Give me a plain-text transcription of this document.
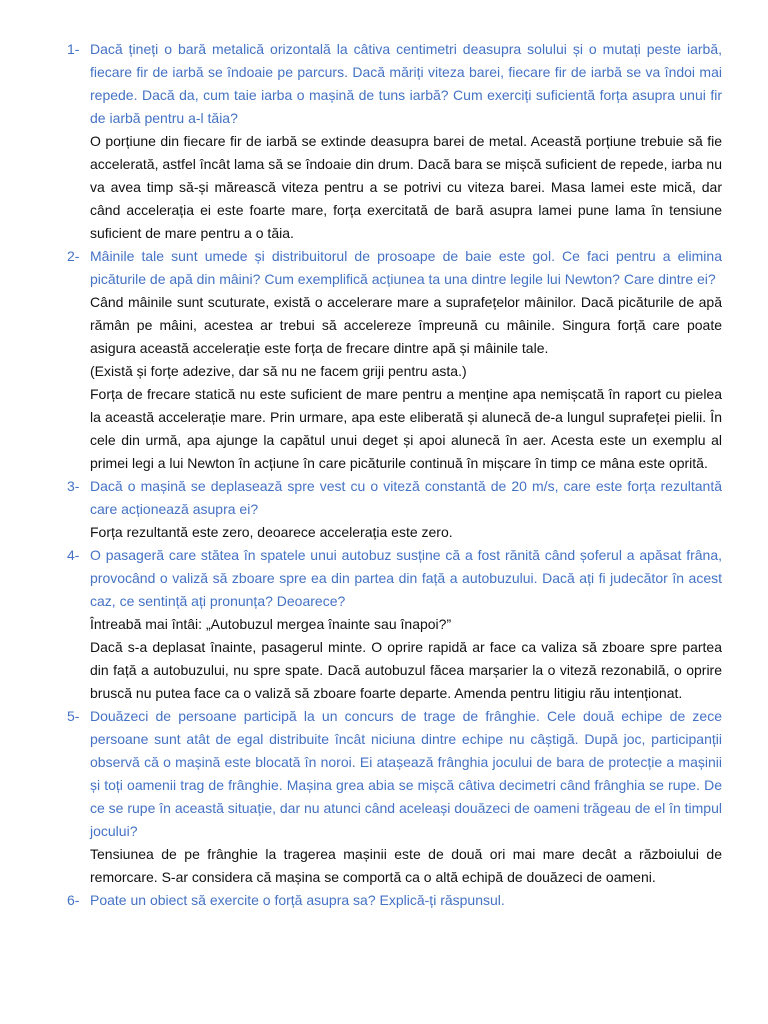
1- Dacă țineți o bară metalică orizontală la câtiva centimetri deasupra solului și o mutați peste iarbă, fiecare fir de iarbă se îndoaie pe parcurs. Dacă măriți viteza barei, fiecare fir de iarbă se va îndoi mai repede. Dacă da, cum taie iarba o mașină de tuns iarbă? Cum exerciți suficientă forța asupra unui fir de iarbă pentru a-l tăia?

O porțiune din fiecare fir de iarbă se extinde deasupra barei de metal. Această porțiune trebuie să fie accelerată, astfel încât lama să se îndoaie din drum. Dacă bara se mișcă suficient de repede, iarba nu va avea timp să-și mărească viteza pentru a se potrivi cu viteza barei. Masa lamei este mică, dar când accelerația ei este foarte mare, forța exercitată de bară asupra lamei pune lama în tensiune suficient de mare pentru a o tăia.

2- Mâinile tale sunt umede și distribuitorul de prosoape de baie este gol. Ce faci pentru a elimina picăturile de apă din mâini? Cum exemplifică acțiunea ta una dintre legile lui Newton? Care dintre ei?

Când mâinile sunt scuturate, există o accelerare mare a suprafețelor mâinilor. Dacă picăturile de apă rămân pe mâini, acestea ar trebui să accelereze împreună cu mâinile. Singura forță care poate asigura această accelerație este forța de frecare dintre apă și mâinile tale.

(Există și forțe adezive, dar să nu ne facem griji pentru asta.)

Forța de frecare statică nu este suficient de mare pentru a menține apa nemișcată în raport cu pielea la această accelerație mare. Prin urmare, apa este eliberată și alunecă de-a lungul suprafeței pielii. În cele din urmă, apa ajunge la capătul unui deget și apoi alunecă în aer. Acesta este un exemplu al primei legi a lui Newton în acțiune în care picăturile continuă în mișcare în timp ce mâna este oprită.

3- Dacă o mașină se deplasează spre vest cu o viteză constantă de 20 m/s, care este forța rezultantă care acționează asupra ei?

Forța rezultantă este zero, deoarece accelerația este zero.

4- O pasageră care stătea în spatele unui autobuz susține că a fost rănită când șoferul a apăsat frâna, provocând o valiză să zboare spre ea din partea din față a autobuzului. Dacă ați fi judecător în acest caz, ce sentință ați pronunța? Deoarece?

Întreabă mai întâi: „Autobuzul mergea înainte sau înapoi?”

Dacă s-a deplasat înainte, pasagerul minte. O oprire rapidă ar face ca valiza să zboare spre partea din față a autobuzului, nu spre spate. Dacă autobuzul făcea marșarier la o viteză rezonabilă, o oprire bruscă nu putea face ca o valiză să zboare foarte departe. Amenda pentru litigiu rău intenționat.

5- Douăzeci de persoane participă la un concurs de trage de frânghie. Cele două echipe de zece persoane sunt atât de egal distribuite încât niciuna dintre echipe nu câștigă. După joc, participanții observă că o mașină este blocată în noroi. Ei atașează frânghia jocului de bara de protecție a mașinii și toți oamenii trag de frânghie. Mașina grea abia se mișcă câtiva decimetri când frânghia se rupe. De ce se rupe în această situație, dar nu atunci când aceleași douăzeci de oameni trăgeau de el în timpul jocului?

Tensiunea de pe frânghie la tragerea mașinii este de două ori mai mare decât a războiului de remorcare. S-ar considera că mașina se comportă ca o altă echipă de douăzeci de oameni.

6- Poate un obiect să exercite o forță asupra sa? Explică-ți răspunsul.
